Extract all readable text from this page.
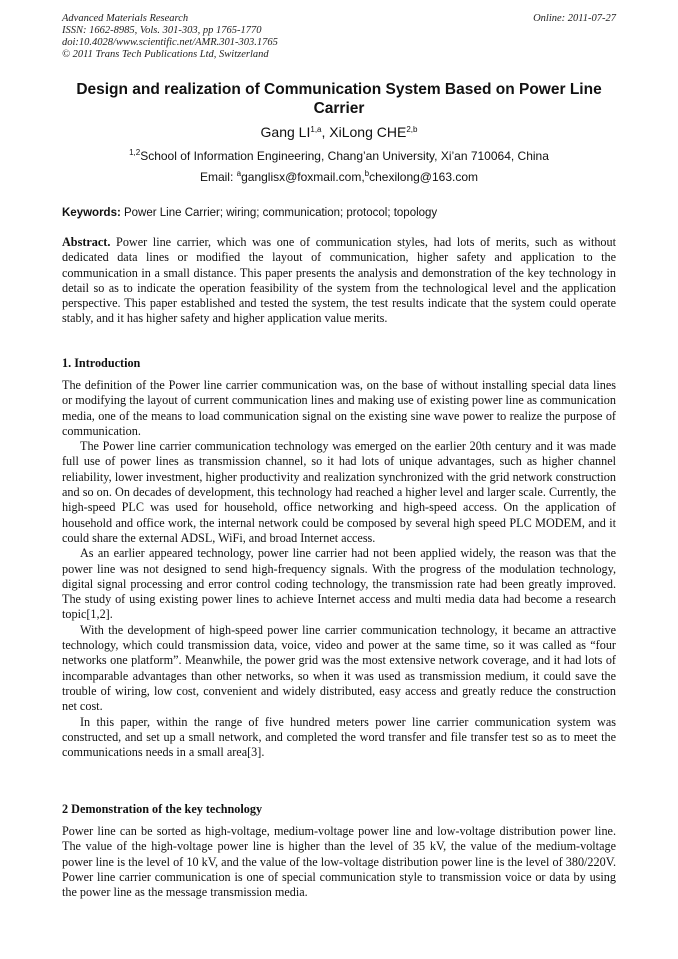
Advanced Materials Research
ISSN: 1662-8985, Vols. 301-303, pp 1765-1770
doi:10.4028/www.scientific.net/AMR.301-303.1765
© 2011 Trans Tech Publications Ltd, Switzerland
Online: 2011-07-27
Design and realization of Communication System Based on Power Line Carrier
Gang LI$^{1,a}$, XiLong CHE$^{2,b}$
$^{1,2}$School of Information Engineering, Chang’an University, Xi’an 710064, China
Email: $^a$ganglisx@foxmail.com,$^b$chexilong@163.com
Keywords: Power Line Carrier; wiring; communication; protocol; topology
Abstract. Power line carrier, which was one of communication styles, had lots of merits, such as without dedicated data lines or modified the layout of communication, higher safety and application to the communication in a small distance. This paper presents the analysis and demonstration of the key technology in detail so as to indicate the operation feasibility of the system from the technological level and the application perspective. This paper established and tested the system, the test results indicate that the system could operate stably, and it has higher safety and higher application value merits.
1. Introduction

The definition of the Power line carrier communication was, on the base of without installing special data lines or modifying the layout of current communication lines and making use of existing power line as communication media, one of the means to load communication signal on the existing sine wave power to realize the purpose of communication.

The Power line carrier communication technology was emerged on the earlier 20th century and it was made full use of power lines as transmission channel, so it had lots of unique advantages, such as higher channel reliability, lower investment, higher productivity and realization synchronized with the grid network construction and so on. On decades of development, this technology had reached a higher level and larger scale. Currently, the high-speed PLC was used for household, office networking and high-speed access. On the application of household and office work, the internal network could be composed by several high speed PLC MODEM, and it could share the external ADSL, WiFi, and broad Internet access.

As an earlier appeared technology, power line carrier had not been applied widely, the reason was that the power line was not designed to send high-frequency signals. With the progress of the modulation technology, digital signal processing and error control coding technology, the transmission rate had been greatly improved. The study of using existing power lines to achieve Internet access and multi media data had become a research topic[1,2].

With the development of high-speed power line carrier communication technology, it became an attractive technology, which could transmission data, voice, video and power at the same time, so it was called as “four networks one platform”. Meanwhile, the power grid was the most extensive network coverage, and it had lots of incomparable advantages than other networks, so when it was used as transmission medium, it could save the trouble of wiring, low cost, convenient and widely distributed, easy access and greatly reduce the construction net cost.

In this paper, within the range of five hundred meters power line carrier communication system was constructed, and set up a small network, and completed the word transfer and file transfer test so as to meet the communications needs in a small area[3].

2 Demonstration of the key technology

Power line can be sorted as high-voltage, medium-voltage power line and low-voltage distribution power line. The value of the high-voltage power line is higher than the level of 35 kV, the value of the medium-voltage power line is the level of 10 kV, and the value of the low-voltage distribution power line is the level of 380/220V. Power line carrier communication is one of special communication style to transmission voice or data by using the power line as the message transmission media.
